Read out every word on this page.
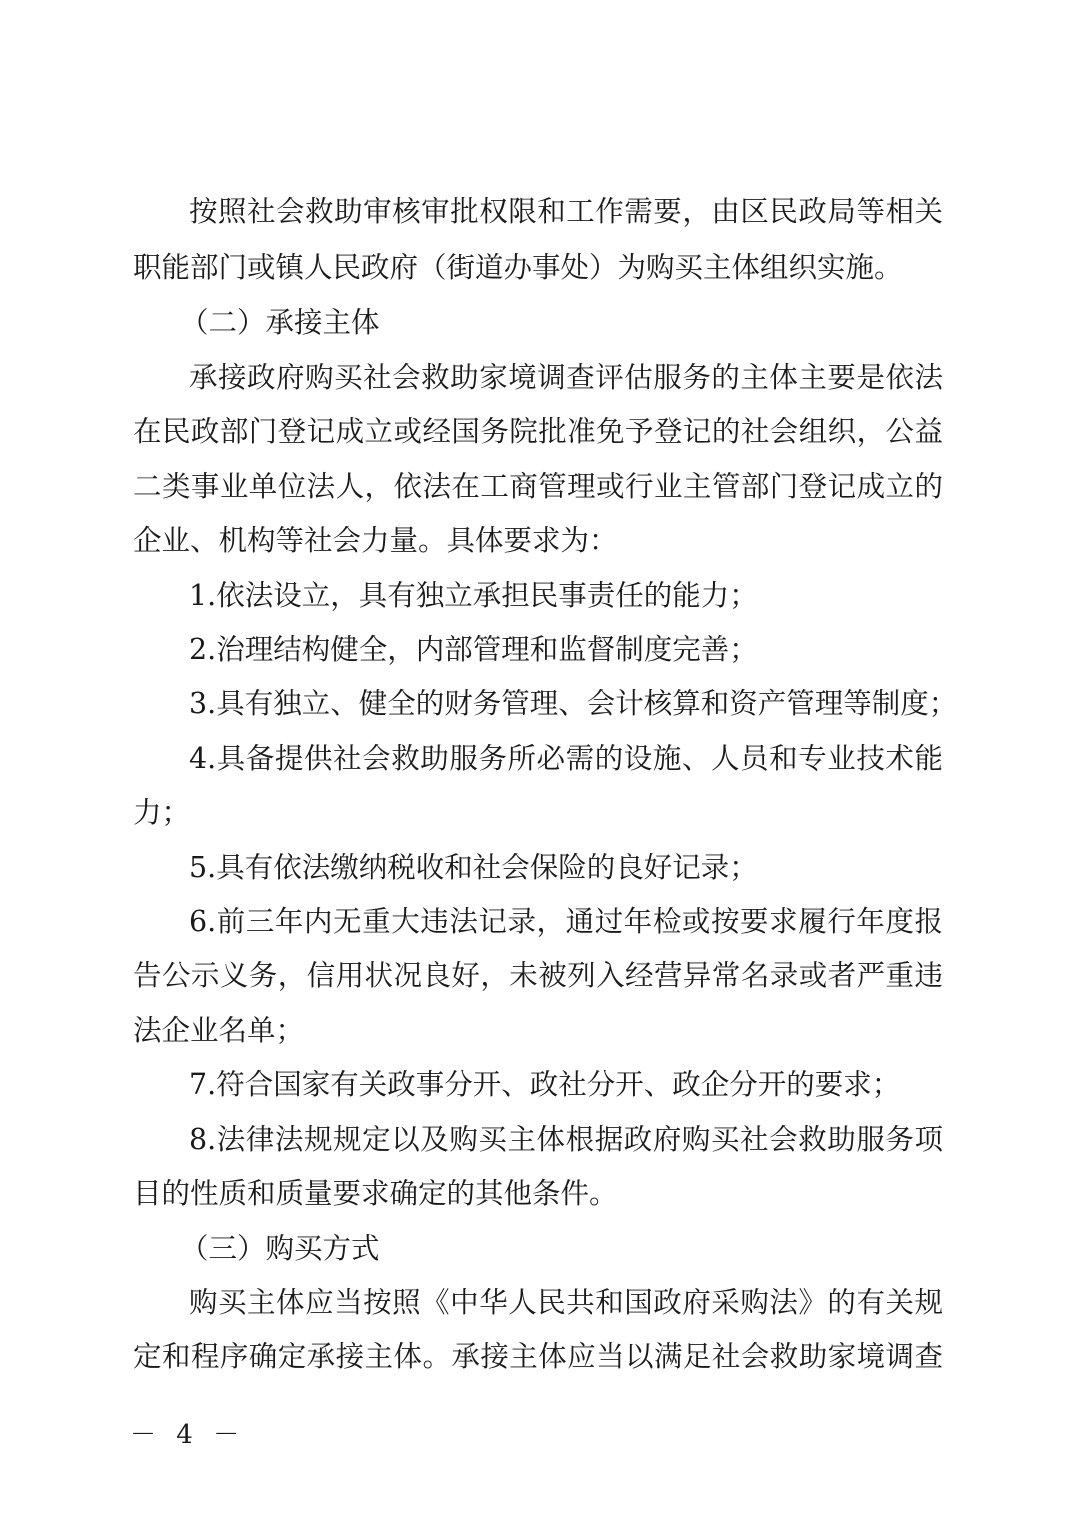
按照社会救助审核审批权限和工作需要，由区民政局等相关
职能部门或镇人民政府（街道办事处）为购买主体组织实施。
（二）承接主体
承接政府购买社会救助家境调查评估服务的主体主要是依法
在民政部门登记成立或经国务院批准免予登记的社会组织，公益
二类事业单位法人，依法在工商管理或行业主管部门登记成立的
企业、机构等社会力量。具体要求为：
1.依法设立，具有独立承担民事责任的能力；
2.治理结构健全，内部管理和监督制度完善；
3.具有独立、健全的财务管理、会计核算和资产管理等制度；
4.具备提供社会救助服务所必需的设施、人员和专业技术能
力；
5.具有依法缴纳税收和社会保险的良好记录；
6.前三年内无重大违法记录，通过年检或按要求履行年度报
告公示义务，信用状况良好，未被列入经营异常名录或者严重违
法企业名单；
7.符合国家有关政事分开、政社分开、政企分开的要求；
8.法律法规规定以及购买主体根据政府购买社会救助服务项
目的性质和质量要求确定的其他条件。
（三）购买方式
购买主体应当按照《中华人民共和国政府采购法》的有关规
定和程序确定承接主体。承接主体应当以满足社会救助家境调查
－ 4 －
